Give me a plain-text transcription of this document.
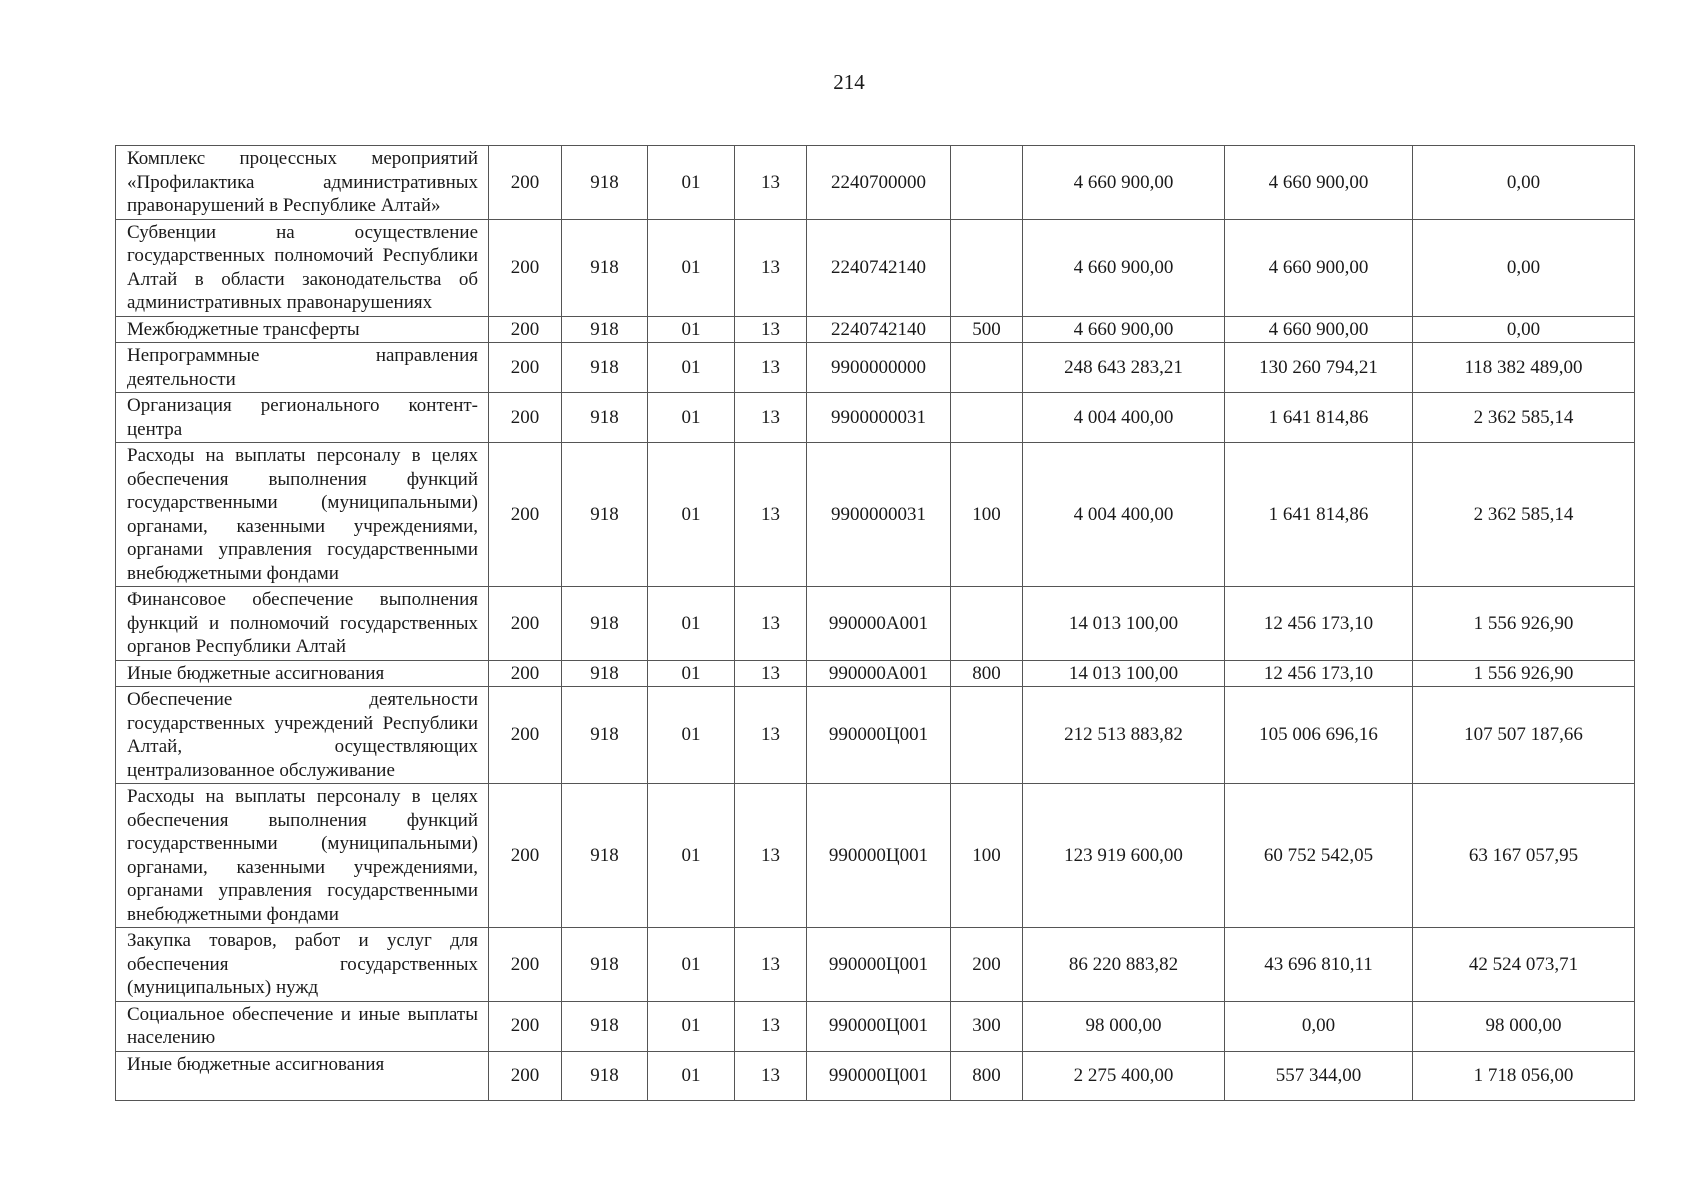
214
Комплекс процессных мероприятий «Профилактика административных правонарушений в Республике Алтай»	200	918	01	13	2240700000		4 660 900,00	4 660 900,00	0,00
Субвенции на осуществление государственных полномочий Республики Алтай в области законодательства об административных правонарушениях	200	918	01	13	2240742140		4 660 900,00	4 660 900,00	0,00
Межбюджетные трансферты	200	918	01	13	2240742140	500	4 660 900,00	4 660 900,00	0,00
Непрограммные направления деятельности	200	918	01	13	9900000000		248 643 283,21	130 260 794,21	118 382 489,00
Организация регионального контент-центра	200	918	01	13	9900000031		4 004 400,00	1 641 814,86	2 362 585,14
Расходы на выплаты персоналу в целях обеспечения выполнения функций государственными (муниципальными) органами, казенными учреждениями, органами управления государственными внебюджетными фондами	200	918	01	13	9900000031	100	4 004 400,00	1 641 814,86	2 362 585,14
Финансовое обеспечение выполнения функций и полномочий государственных органов Республики Алтай	200	918	01	13	990000А001		14 013 100,00	12 456 173,10	1 556 926,90
Иные бюджетные ассигнования	200	918	01	13	990000А001	800	14 013 100,00	12 456 173,10	1 556 926,90
Обеспечение деятельности государственных учреждений Республики Алтай, осуществляющих централизованное обслуживание	200	918	01	13	990000Ц001		212 513 883,82	105 006 696,16	107 507 187,66
Расходы на выплаты персоналу в целях обеспечения выполнения функций государственными (муниципальными) органами, казенными учреждениями, органами управления государственными внебюджетными фондами	200	918	01	13	990000Ц001	100	123 919 600,00	60 752 542,05	63 167 057,95
Закупка товаров, работ и услуг для обеспечения государственных (муниципальных) нужд	200	918	01	13	990000Ц001	200	86 220 883,82	43 696 810,11	42 524 073,71
Социальное обеспечение и иные выплаты населению	200	918	01	13	990000Ц001	300	98 000,00	0,00	98 000,00
Иные бюджетные ассигнования	200	918	01	13	990000Ц001	800	2 275 400,00	557 344,00	1 718 056,00
